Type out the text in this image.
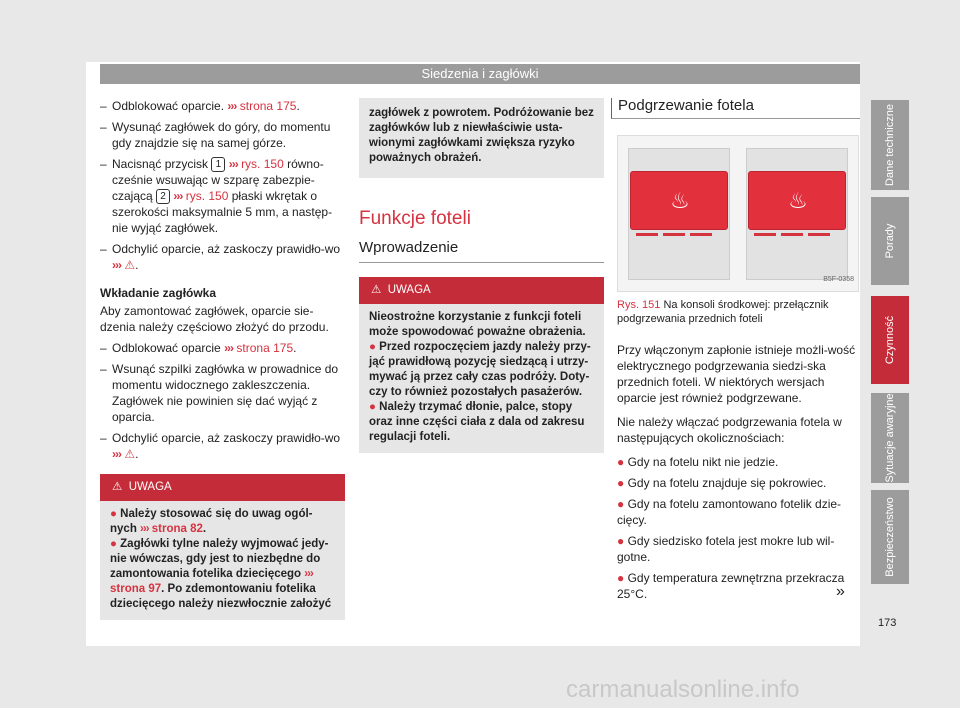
Siedzenia i zagłówki
– Odblokować oparcie. ››› strona 175.
– Wysunąć zagłówek do góry, do momentu gdy znajdzie się na samej górze.
– Nacisnąć przycisk 1 ››› rys. 150 równo-cześnie wsuwając w szparę zabezpie-czającą 2 ››› rys. 150 płaski wkrętak o szerokości maksymalnie 5 mm, a następ-nie wyjąć zagłówek.
– Odchylić oparcie, aż zaskoczy prawidło-wo ››› ⚠.
Wkładanie zagłówka
Aby zamontować zagłówek, oparcie sie-dzenia należy częściowo złożyć do przodu.
– Odblokować oparcie ››› strona 175.
– Wsunąć szpilki zagłówka w prowadnice do momentu widocznego zakleszczenia. Zagłówek nie powinien się dać wyjąć z oparcia.
– Odchylić oparcie, aż zaskoczy prawidło-wo ››› ⚠.
⚠ UWAGA
● Należy stosować się do uwag ogól-nych ››› strona 82.
● Zagłówki tylne należy wyjmować jedy-nie wówczas, gdy jest to niezbędne do zamontowania fotelika dziecięcego ››› strona 97. Po zdemontowaniu fotelika dziecięcego należy niezwłocznie założyć
zagłówek z powrotem. Podróżowanie bez zagłówków lub z niewłaściwie usta-wionymi zagłówkami zwiększa ryzyko poważnych obrażeń.
Funkcje foteli
Wprowadzenie
⚠ UWAGA
Nieostrożne korzystanie z funkcji foteli może spowodować poważne obrażenia.
● Przed rozpoczęciem jazdy należy przy-jąć prawidłową pozycję siedzącą i utrzy-mywać ją przez cały czas podróży. Doty-czy to również pozostałych pasażerów.
● Należy trzymać dłonie, palce, stopy oraz inne części ciała z dala od zakresu regulacji foteli.
Podgrzewanie fotela
♨	♨
B5F-0358
Rys. 151 Na konsoli środkowej: przełącznik podgrzewania przednich foteli
Przy włączonym zapłonie istnieje możli-wość elektrycznego podgrzewania siedzi-ska przednich foteli. W niektórych wersjach oparcie jest również podgrzewane.
Nie należy włączać podgrzewania fotela w następujących okolicznościach:
● Gdy na fotelu nikt nie jedzie.
● Gdy na fotelu znajduje się pokrowiec.
● Gdy na fotelu zamontowano fotelik dzie-cięcy.
● Gdy siedzisko fotela jest mokre lub wil-gotne.
● Gdy temperatura zewnętrzna przekracza 25°C.	»
Dane techniczne
Porady
Czynność
Sytuacje awaryjne
Bezpieczeństwo
173
carmanualsonline.info
